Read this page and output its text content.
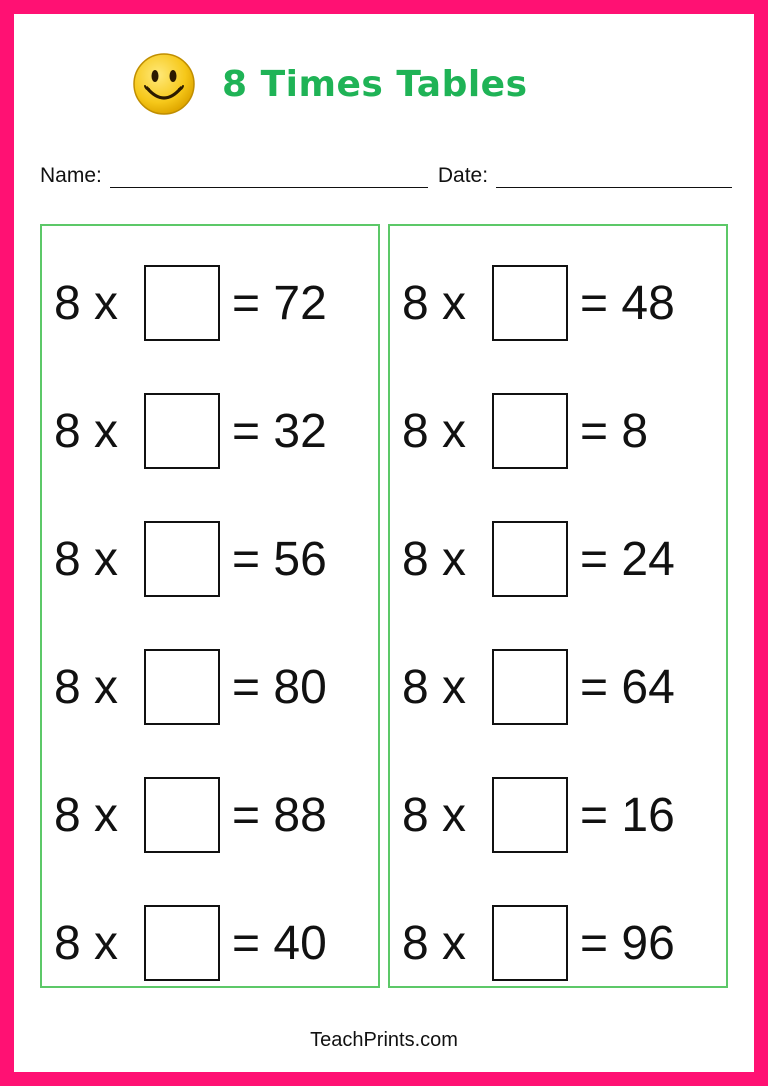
8 Times Tables
Name:	Date:
8 x	= 72
8 x	= 32
8 x	= 56
8 x	= 80
8 x	= 88
8 x	= 40
8 x	= 48
8 x	= 8
8 x	= 24
8 x	= 64
8 x	= 16
8 x	= 96
TeachPrints.com
